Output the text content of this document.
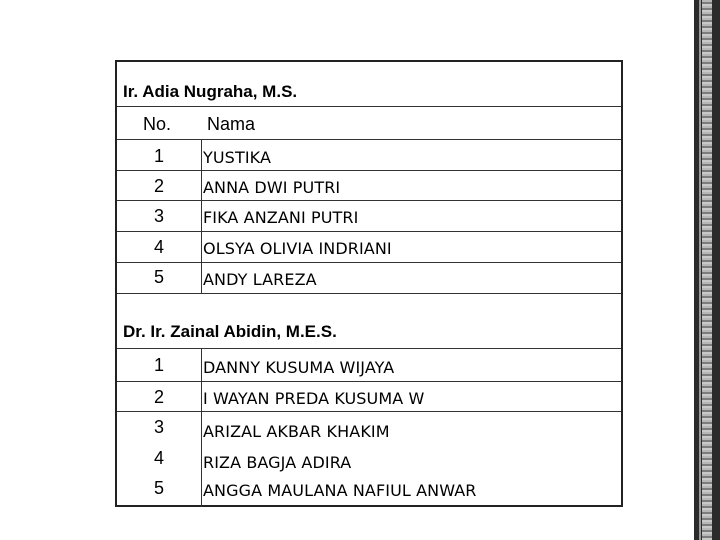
Ir. Adia Nugraha, M.S.
No. Nama
1	YUSTIKA
2	ANNA DWI PUTRI
3	FIKA ANZANI PUTRI
4	OLSYA OLIVIA INDRIANI
5	ANDY LAREZA
Dr. Ir. Zainal Abidin, M.E.S.
1	DANNY KUSUMA WIJAYA
2	I WAYAN PREDA KUSUMA W
3	ARIZAL AKBAR KHAKIM
4	RIZA BAGJA ADIRA
5	ANGGA MAULANA NAFIUL ANWAR
